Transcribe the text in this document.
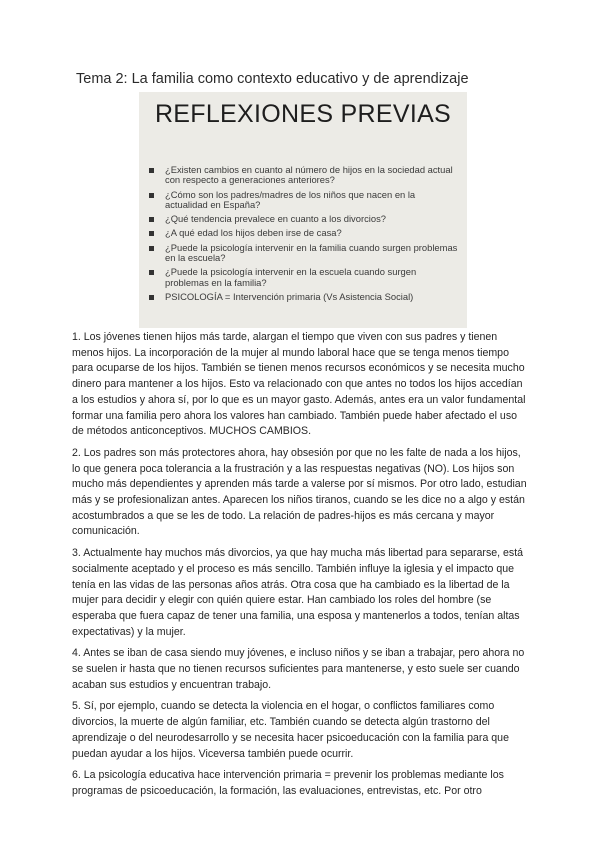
Tema 2: La familia como contexto educativo y de aprendizaje
REFLEXIONES PREVIAS
¿Existen cambios en cuanto al número de hijos en la sociedad actual con respecto a generaciones anteriores?
¿Cómo son los padres/madres de los niños que nacen en la actualidad en España?
¿Qué tendencia prevalece en cuanto a los divorcios?
¿A qué edad los hijos deben irse de casa?
¿Puede la psicología intervenir en la familia cuando surgen problemas en la escuela?
¿Puede la psicología intervenir en la escuela cuando surgen problemas en la familia?
PSICOLOGÍA = Intervención primaria (Vs Asistencia Social)

1. Los jóvenes tienen hijos más tarde, alargan el tiempo que viven con sus padres y tienen menos hijos. La incorporación de la mujer al mundo laboral hace que se tenga menos tiempo para ocuparse de los hijos. También se tienen menos recursos económicos y se necesita mucho dinero para mantener a los hijos. Esto va relacionado con que antes no todos los hijos accedían a los estudios y ahora sí, por lo que es un mayor gasto. Además, antes era un valor fundamental formar una familia pero ahora los valores han cambiado. También puede haber afectado el uso de métodos anticonceptivos. MUCHOS CAMBIOS.

2. Los padres son más protectores ahora, hay obsesión por que no les falte de nada a los hijos, lo que genera poca tolerancia a la frustración y a las respuestas negativas (NO). Los hijos son mucho más dependientes y aprenden más tarde a valerse por sí mismos. Por otro lado, estudian más y se profesionalizan antes. Aparecen los niños tiranos, cuando se les dice no a algo y están acostumbrados a que se les de todo. La relación de padres-hijos es más cercana y mayor comunicación.

3. Actualmente hay muchos más divorcios, ya que hay mucha más libertad para separarse, está socialmente aceptado y el proceso es más sencillo. También influye la iglesia y el impacto que tenía en las vidas de las personas años atrás. Otra cosa que ha cambiado es la libertad de la mujer para decidir y elegir con quién quiere estar. Han cambiado los roles del hombre (se esperaba que fuera capaz de tener una familia, una esposa y mantenerlos a todos, tenían altas expectativas) y la mujer.

4. Antes se iban de casa siendo muy jóvenes, e incluso niños y se iban a trabajar, pero ahora no se suelen ir hasta que no tienen recursos suficientes para mantenerse, y esto suele ser cuando acaban sus estudios y encuentran trabajo.

5. Sí, por ejemplo, cuando se detecta la violencia en el hogar, o conflictos familiares como divorcios, la muerte de algún familiar, etc. También cuando se detecta algún trastorno del aprendizaje o del neurodesarrollo y se necesita hacer psicoeducación con la familia para que puedan ayudar a los hijos. Viceversa también puede ocurrir.

6. La psicología educativa hace intervención primaria = prevenir los problemas mediante los programas de psicoeducación, la formación, las evaluaciones, entrevistas, etc. Por otro
